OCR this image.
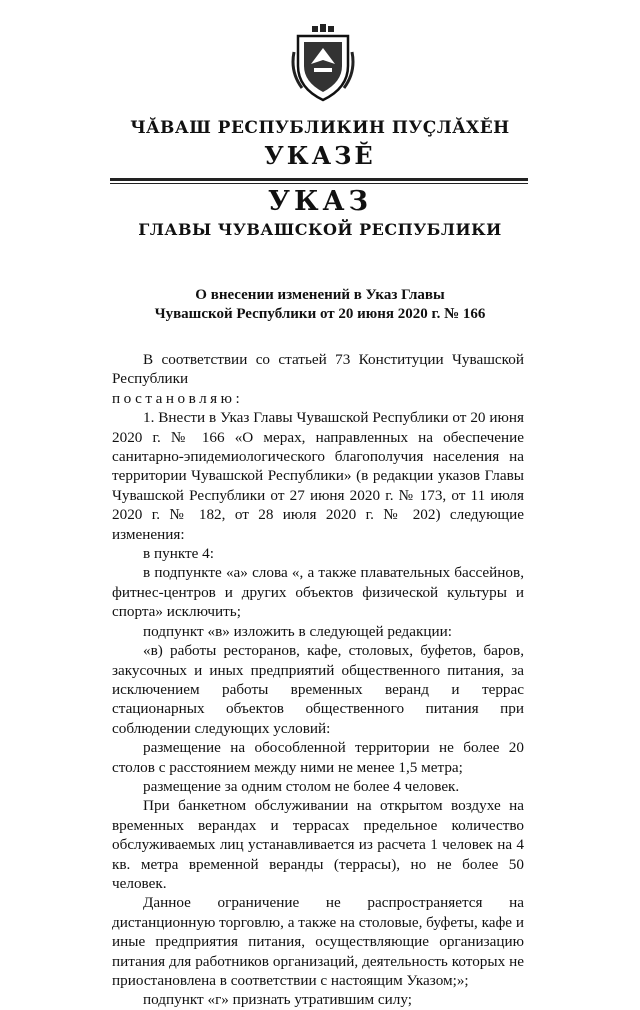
ЧĂВАШ РЕСПУБЛИКИН ПУÇЛĂХĔН
УКАЗĔ
УКАЗ
ГЛАВЫ ЧУВАШСКОЙ РЕСПУБЛИКИ
О внесении изменений в Указ Главы
Чувашской Республики от 20 июня 2020 г. № 166

В соответствии со статьей 73 Конституции Чувашской Республики

постановляю:

1. Внести в Указ Главы Чувашской Республики от 20 июня 2020 г. № 166 «О мерах, направленных на обеспечение санитарно-эпидемиологического благополучия населения на территории Чувашской Республики» (в редакции указов Главы Чувашской Республики от 27 июня 2020 г. № 173, от 11 июля 2020 г. № 182, от 28 июля 2020 г. № 202) следующие изменения:

в пункте 4:

в подпункте «а» слова «, а также плавательных бассейнов, фитнес-центров и других объектов физической культуры и спорта» исключить;

подпункт «в» изложить в следующей редакции:

«в) работы ресторанов, кафе, столовых, буфетов, баров, закусочных и иных предприятий общественного питания, за исключением работы временных веранд и террас стационарных объектов общественного питания при соблюдении следующих условий:

размещение на обособленной территории не более 20 столов с расстоянием между ними не менее 1,5 метра;

размещение за одним столом не более 4 человек.

При банкетном обслуживании на открытом воздухе на временных верандах и террасах предельное количество обслуживаемых лиц устанавливается из расчета 1 человек на 4 кв. метра временной веранды (террасы), но не более 50 человек.

Данное ограничение не распространяется на дистанционную торговлю, а также на столовые, буфеты, кафе и иные предприятия питания, осуществляющие организацию питания для работников организаций, деятельность которых не приостановлена в соответствии с настоящим Указом;»;

подпункт «г» признать утратившим силу;
